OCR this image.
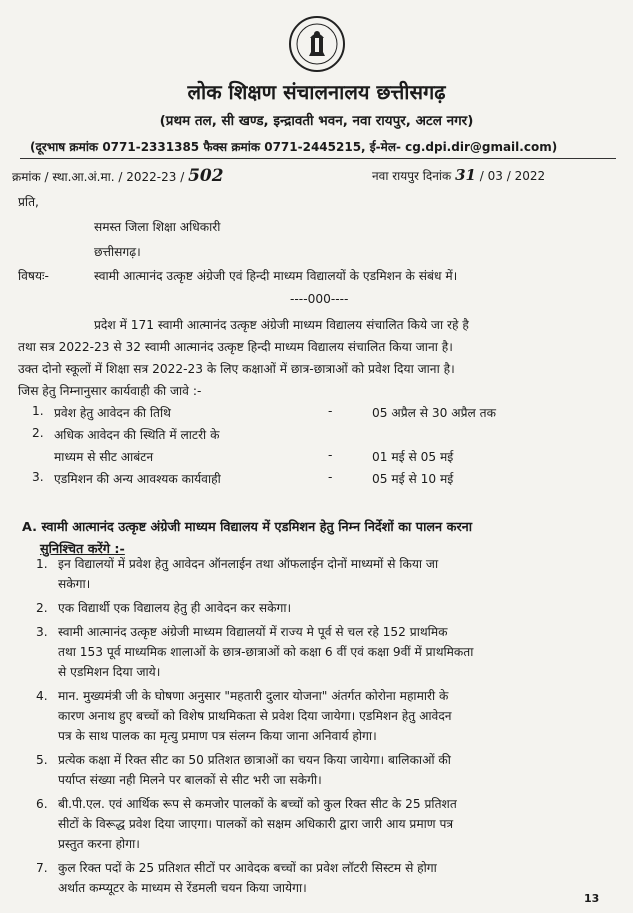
लोक शिक्षण संचालनालय छत्तीसगढ़
(प्रथम तल, सी खण्ड, इन्द्रावती भवन, नवा रायपुर, अटल नगर)
(दूरभाष क्रमांक 0771-2331385 फैक्स क्रमांक 0771-2445215, ई-मेल- cg.dpi.dir@gmail.com)
क्रमांक / स्था.आ.अं.मा. / 2022-23 / 502	नवा रायपुर दिनांक 31 / 03 / 2022
प्रति,
समस्त जिला शिक्षा अधिकारी
छत्तीसगढ़।
विषयः-	स्वामी आत्मानंद उत्कृष्ट अंग्रेजी एवं हिन्दी माध्यम विद्यालयों के एडमिशन के संबंध में।
----000----
प्रदेश में 171 स्वामी आत्मानंद उत्कृष्ट अंग्रेजी माध्यम विद्यालय संचालित किये जा रहे है
तथा सत्र 2022-23 से 32 स्वामी आत्मानंद उत्कृष्ट हिन्दी माध्यम विद्यालय संचालित किया जाना है।
उक्त दोनो स्कूलों में शिक्षा सत्र 2022-23 के लिए कक्षाओं में छात्र-छात्राओं को प्रवेश दिया जाना है।
जिस हेतु निम्नानुसार कार्यवाही की जावे :-
1. प्रवेश हेतु आवेदन की तिथि	-	05 अप्रैल से 30 अप्रैल तक
2. अधिक आवेदन की स्थिति में लाटरी के
माध्यम से सीट आबंटन	-	01 मई से 05 मई
3. एडमिशन की अन्य आवश्यक कार्यवाही	-	05 मई से 10 मई
A. स्वामी आत्मानंद उत्कृष्ट अंग्रेजी माध्यम विद्यालय में एडमिशन हेतु निम्न निर्देशों का पालन करना
सुनिश्चित करेंगे :-
1. इन विद्यालयों में प्रवेश हेतु आवेदन ऑनलाईन तथा ऑफलाईन दोनों माध्यमों से किया जा
सकेगा।
2. एक विद्यार्थी एक विद्यालय हेतु ही आवेदन कर सकेगा।
3. स्वामी आत्मानंद उत्कृष्ट अंग्रेजी माध्यम विद्यालयों में राज्य मे पूर्व से चल रहे 152 प्राथमिक
तथा 153 पूर्व माध्यमिक शालाओं के छात्र-छात्राओं को कक्षा 6 वीं एवं कक्षा 9वीं में प्राथमिकता
से एडमिशन दिया जाये।
4. मान. मुख्यमंत्री जी के घोषणा अनुसार "महतारी दुलार योजना" अंतर्गत कोरोना महामारी के
कारण अनाथ हुए बच्चों को विशेष प्राथमिकता से प्रवेश दिया जायेगा। एडमिशन हेतु आवेदन
पत्र के साथ पालक का मृत्यु प्रमाण पत्र संलग्न किया जाना अनिवार्य होगा।
5. प्रत्येक कक्षा में रिक्त सीट का 50 प्रतिशत छात्राओं का चयन किया जायेगा। बालिकाओं की
पर्याप्त संख्या नही मिलने पर बालकों से सीट भरी जा सकेगी।
6. बी.पी.एल. एवं आर्थिक रूप से कमजोर पालकों के बच्चों को कुल रिक्त सीट के 25 प्रतिशत
सीटों के विरूद्ध प्रवेश दिया जाएगा। पालकों को सक्षम अधिकारी द्वारा जारी आय प्रमाण पत्र
प्रस्तुत करना होगा।
7. कुल रिक्त पदों के 25 प्रतिशत सीटों पर आवेदक बच्चों का प्रवेश लॉटरी सिस्टम से होगा
अर्थात कम्प्यूटर के माध्यम से रेंडमली चयन किया जायेगा।
13
